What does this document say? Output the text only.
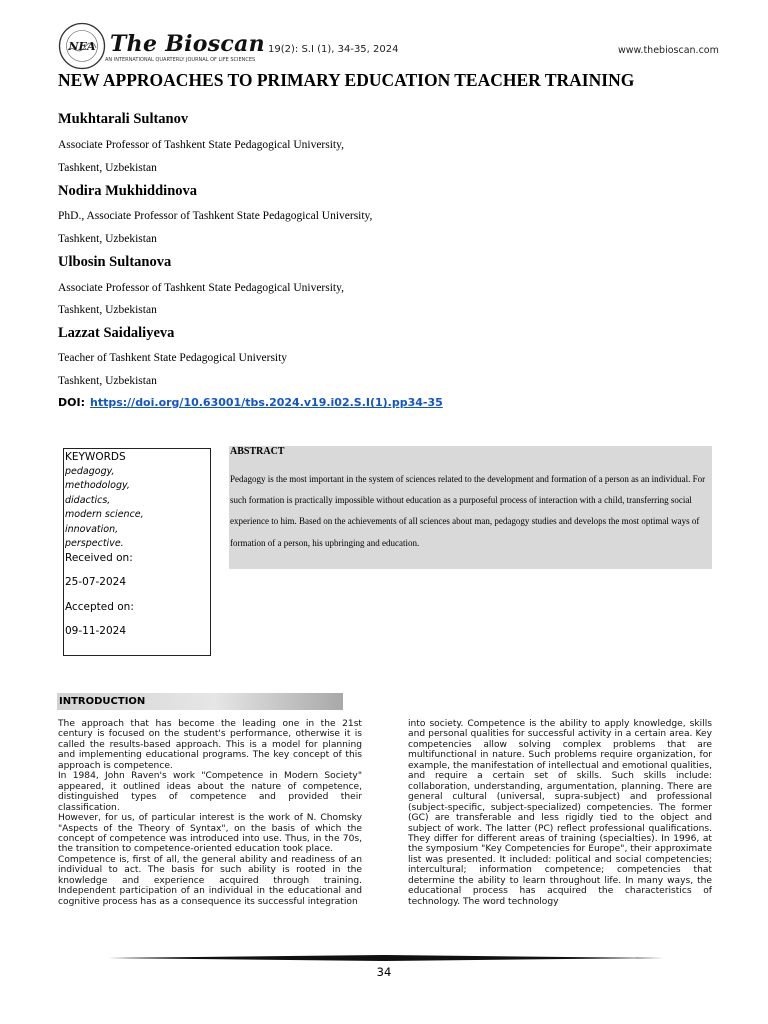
NEA The Bioscan
AN INTERNATIONAL QUARTERLY JOURNAL OF LIFE SCIENCES
19(2): S.I (1), 34-35, 2024	www.thebioscan.com
NEW APPROACHES TO PRIMARY EDUCATION TEACHER TRAINING
Mukhtarali Sultanov
Associate Professor of Tashkent State Pedagogical University,
Tashkent, Uzbekistan
Nodira Mukhiddinova
PhD., Associate Professor of Tashkent State Pedagogical University,
Tashkent, Uzbekistan
Ulbosin Sultanova
Associate Professor of Tashkent State Pedagogical University,
Tashkent, Uzbekistan
Lazzat Saidaliyeva
Teacher of Tashkent State Pedagogical University
Tashkent, Uzbekistan
DOI: https://doi.org/10.63001/tbs.2024.v19.i02.S.I(1).pp34-35
KEYWORDS
pedagogy,
methodology,
didactics,
modern science,
innovation,
perspective.
Received on:
25-07-2024
Accepted on:
09-11-2024
ABSTRACT
Pedagogy is the most important in the system of sciences related to the development and formation of a person as an individual. For such formation is practically impossible without education as a purposeful process of interaction with a child, transferring social experience to him. Based on the achievements of all sciences about man, pedagogy studies and develops the most optimal ways of formation of a person, his upbringing and education.
INTRODUCTION

The approach that has become the leading one in the 21st century is focused on the student's performance, otherwise it is called the results-based approach. This is a model for planning and implementing educational programs. The key concept of this approach is competence.

In 1984, John Raven's work "Competence in Modern Society" appeared, it outlined ideas about the nature of competence, distinguished types of competence and provided their classification.

However, for us, of particular interest is the work of N. Chomsky "Aspects of the Theory of Syntax", on the basis of which the concept of competence was introduced into use. Thus, in the 70s, the transition to competence-oriented education took place.

Competence is, first of all, the general ability and readiness of an individual to act. The basis for such ability is rooted in the knowledge and experience acquired through training. Independent participation of an individual in the educational and cognitive process has as a consequence its successful integration

into society. Competence is the ability to apply knowledge, skills and personal qualities for successful activity in a certain area. Key competencies allow solving complex problems that are multifunctional in nature. Such problems require organization, for example, the manifestation of intellectual and emotional qualities, and require a certain set of skills. Such skills include: collaboration, understanding, argumentation, planning. There are general cultural (universal, supra-subject) and professional (subject-specific, subject-specialized) competencies. The former (GC) are transferable and less rigidly tied to the object and subject of work. The latter (PC) reflect professional qualifications. They differ for different areas of training (specialties). In 1996, at the symposium "Key Competencies for Europe", their approximate list was presented. It included: political and social competencies; intercultural; information competence; competencies that determine the ability to learn throughout life. In many ways, the educational process has acquired the characteristics of technology. The word technology

34
